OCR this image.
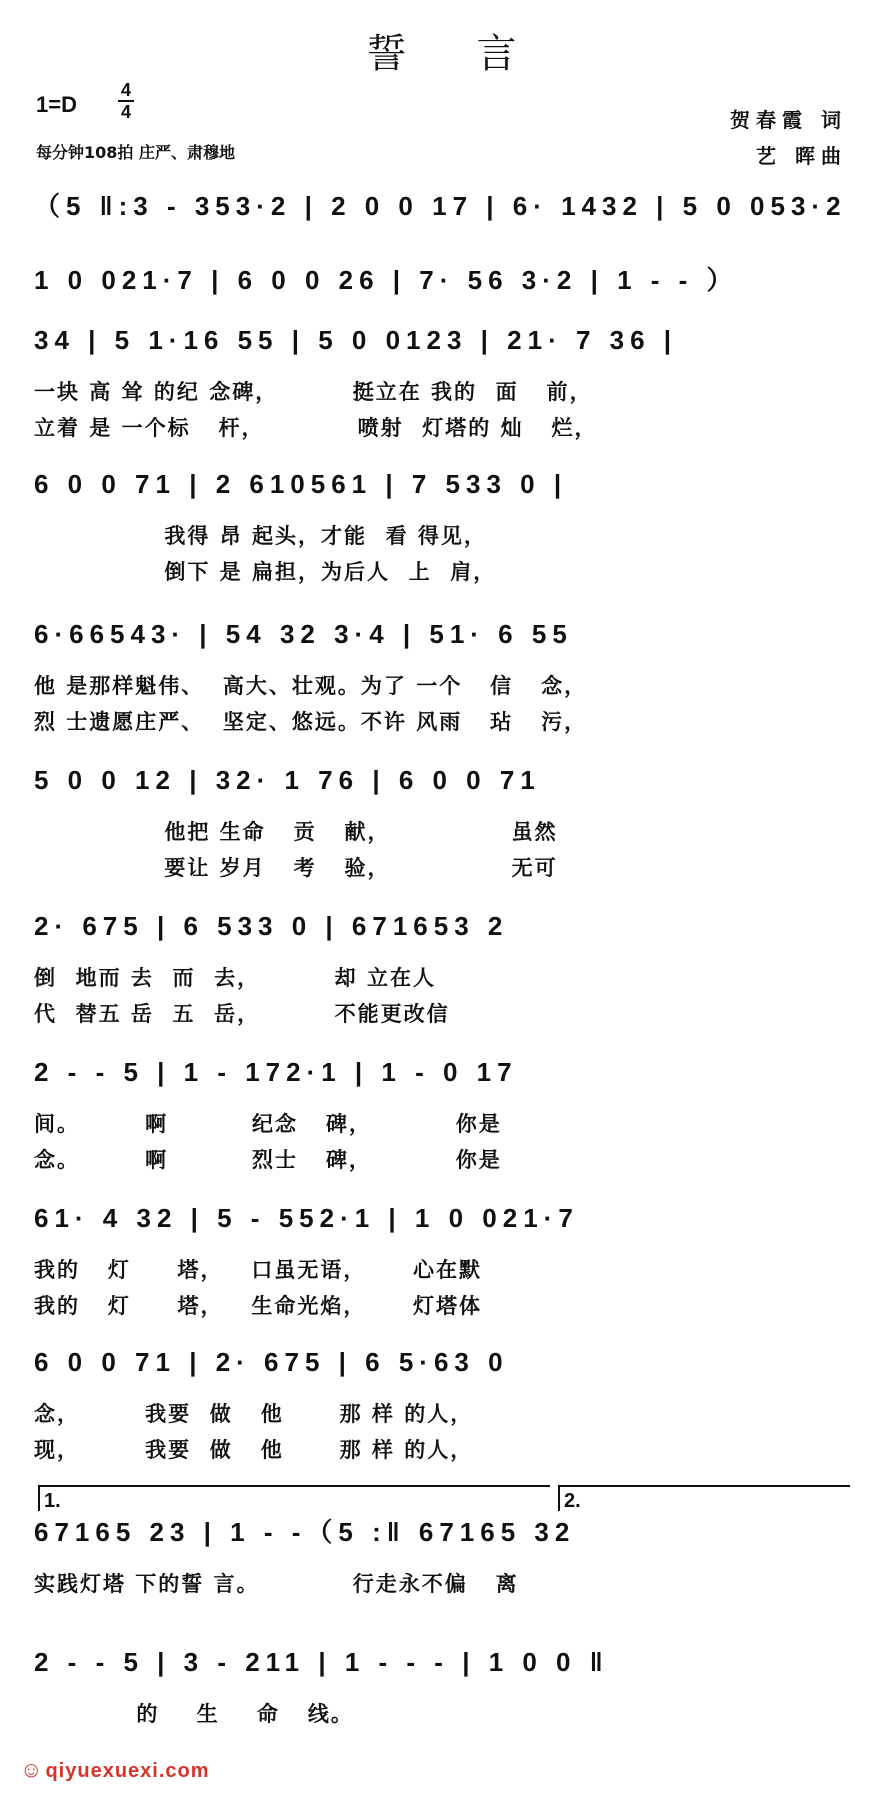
誓言
1=D
4
4
每分钟108拍 庄严、肃穆地
贺春霞 词
艺 晖曲
（5 ‖:3 - 353·2 | 2 0 0 17 | 6· 1432 | 5 0 053·2
1 0 021·7 | 6 0 0 26 | 7· 56 3·2 | 1 - - ）
34 | 5 1·16 55 | 5 0 0123 | 21· 7 36 |
一块 高 耸 的纪 念碑，        挺立在 我的  面   前，
立着 是 一个标   杆，          喷射  灯塔的 灿   烂，
6 0 0 71 | 2 610561 | 7 533 0 |
我得 昂 起头，才能  看 得见，
倒下 是 扁担，为后人  上  肩，
6·66543· | 54 32 3·4 | 51· 6 55
他 是那样魁伟、  高大、壮观。为了 一个   信   念，
烈 士遗愿庄严、  坚定、悠远。不许 风雨   玷   污，
5 0 0 12 | 32· 1 76 | 6 0 0 71
他把 生命   贡   献，             虽然
要让 岁月   考   验，             无可
2· 675 | 6 533 0 | 671653 2
倒  地而 去  而  去，        却 立在人
代  替五 岳  五  岳，        不能更改信
2 - - 5 | 1 - 172·1 | 1 - 0 17
间。       啊         纪念   碑，         你是
念。       啊         烈士   碑，         你是
61· 4 32 | 5 - 552·1 | 1 0 021·7
我的   灯     塔，   口虽无语，     心在默
我的   灯     塔，   生命光焰，     灯塔体
6 0 0 71 | 2· 675 | 6 5·63 0
念，       我要  做   他      那 样 的人，
现，       我要  做   他      那 样 的人，
67165 23 | 1 - -（5 :‖ 67165 32
实践灯塔 下的誓 言。          行走永不偏   离
2 - - 5 | 3 - 211 | 1 - - - | 1 0 0 ‖
的    生    命   线。
1.	2.
☺ qiyuexuexi.com
